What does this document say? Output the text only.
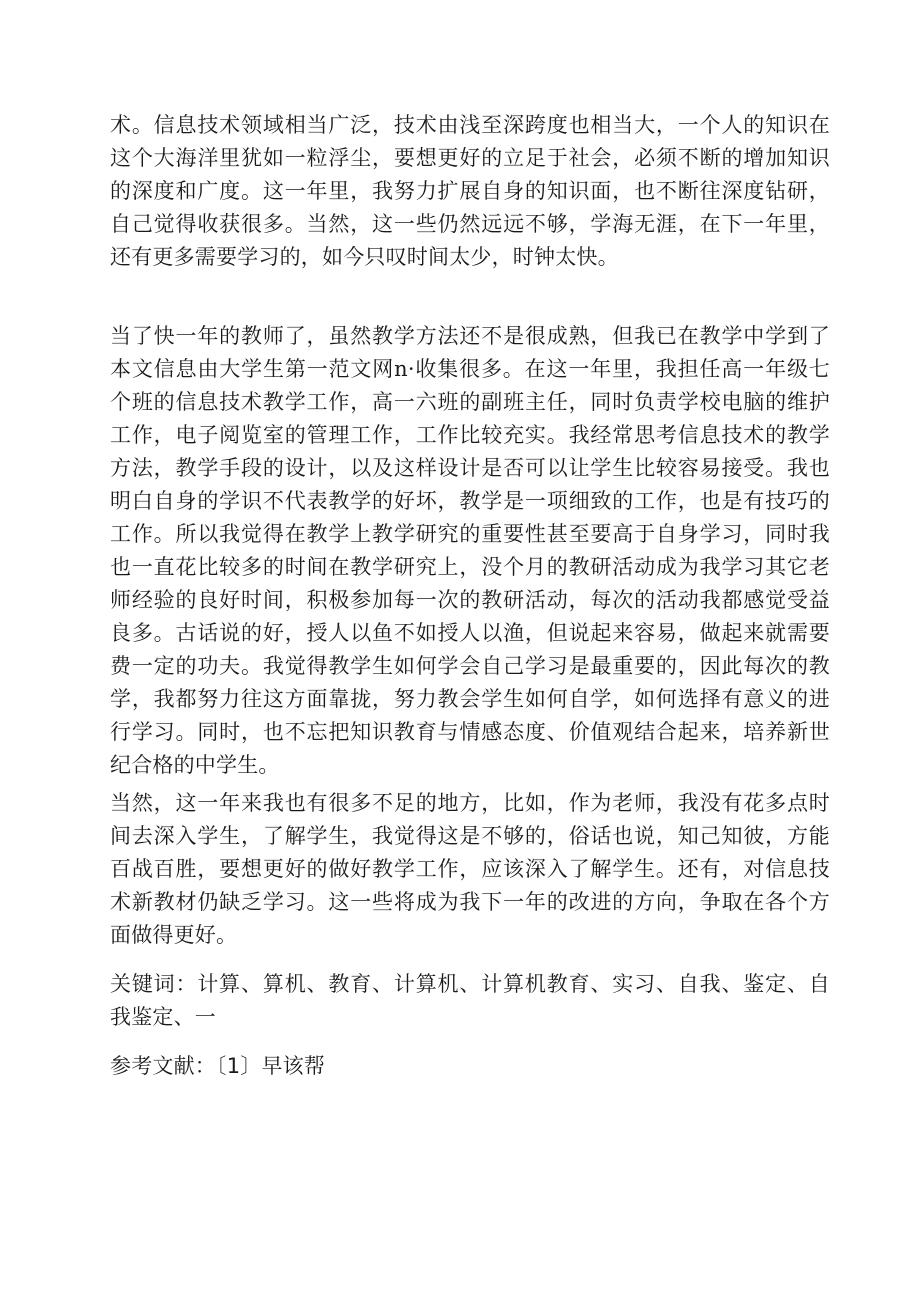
术。信息技术领域相当广泛，技术由浅至深跨度也相当大，一个人的知识在这个大海洋里犹如一粒浮尘，要想更好的立足于社会，必须不断的增加知识的深度和广度。这一年里，我努力扩展自身的知识面，也不断往深度钻研，自己觉得收获很多。当然，这一些仍然远远不够，学海无涯，在下一年里，还有更多需要学习的，如今只叹时间太少，时钟太快。

当了快一年的教师了，虽然教学方法还不是很成熟，但我已在教学中学到了本文信息由大学生第一范文网n·收集很多。在这一年里，我担任高一年级七个班的信息技术教学工作，高一六班的副班主任，同时负责学校电脑的维护工作，电子阅览室的管理工作，工作比较充实。我经常思考信息技术的教学方法，教学手段的设计，以及这样设计是否可以让学生比较容易接受。我也明白自身的学识不代表教学的好坏，教学是一项细致的工作，也是有技巧的工作。所以我觉得在教学上教学研究的重要性甚至要高于自身学习，同时我也一直花比较多的时间在教学研究上，没个月的教研活动成为我学习其它老师经验的良好时间，积极参加每一次的教研活动，每次的活动我都感觉受益良多。古话说的好，授人以鱼不如授人以渔，但说起来容易，做起来就需要费一定的功夫。我觉得教学生如何学会自己学习是最重要的，因此每次的教学，我都努力往这方面靠拢，努力教会学生如何自学，如何选择有意义的进行学习。同时，也不忘把知识教育与情感态度、价值观结合起来，培养新世纪合格的中学生。

当然，这一年来我也有很多不足的地方，比如，作为老师，我没有花多点时间去深入学生，了解学生，我觉得这是不够的，俗话也说，知己知彼，方能百战百胜，要想更好的做好教学工作，应该深入了解学生。还有，对信息技术新教材仍缺乏学习。这一些将成为我下一年的改进的方向，争取在各个方面做得更好。

关键词：计算、算机、教育、计算机、计算机教育、实习、自我、鉴定、自我鉴定、一

参考文献：〔1〕早该帮
